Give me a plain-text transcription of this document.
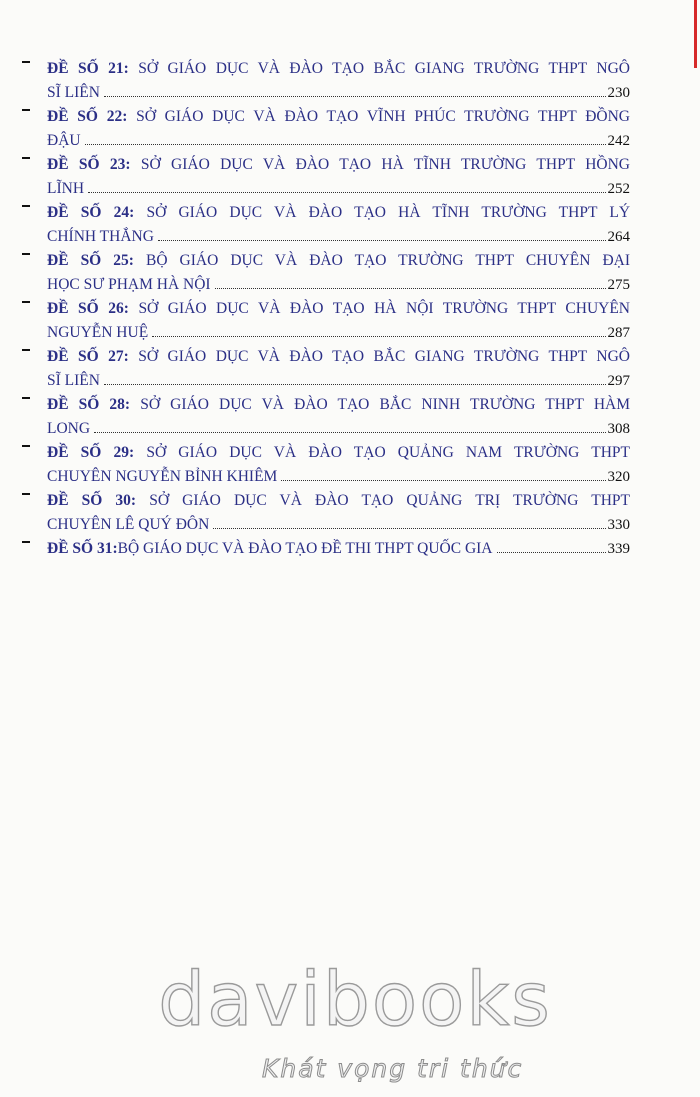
ĐỀ SỐ 21: SỞ GIÁO DỤC VÀ ĐÀO TẠO BẮC GIANG TRƯỜNG THPT NGÔ
SĨ LIÊN	230
ĐỀ SỐ 22: SỞ GIÁO DỤC VÀ ĐÀO TẠO VĨNH PHÚC TRƯỜNG THPT ĐỒNG
ĐẬU	242
ĐỀ SỐ 23: SỞ GIÁO DỤC VÀ ĐÀO TẠO HÀ TĨNH TRƯỜNG THPT HỒNG
LĨNH	252
ĐỀ SỐ 24: SỞ GIÁO DỤC VÀ ĐÀO TẠO HÀ TĨNH TRƯỜNG THPT LÝ
CHÍNH THẮNG	264
ĐỀ SỐ 25: BỘ GIÁO DỤC VÀ ĐÀO TẠO TRƯỜNG THPT CHUYÊN ĐẠI
HỌC SƯ PHẠM HÀ NỘI	275
ĐỀ SỐ 26: SỞ GIÁO DỤC VÀ ĐÀO TẠO HÀ NỘI TRƯỜNG THPT CHUYÊN
NGUYỄN HUỆ	287
ĐỀ SỐ 27: SỞ GIÁO DỤC VÀ ĐÀO TẠO BẮC GIANG TRƯỜNG THPT NGÔ
SĨ LIÊN	297
ĐỀ SỐ 28: SỞ GIÁO DỤC VÀ ĐÀO TẠO BẮC NINH TRƯỜNG THPT HÀM
LONG	308
ĐỀ SỐ 29: SỞ GIÁO DỤC VÀ ĐÀO TẠO QUẢNG NAM TRƯỜNG THPT
CHUYÊN NGUYỄN BỈNH KHIÊM	320
ĐỀ SỐ 30: SỞ GIÁO DỤC VÀ ĐÀO TẠO QUẢNG TRỊ TRƯỜNG THPT
CHUYÊN LÊ QUÝ ĐÔN	330
ĐỀ SỐ 31: BỘ GIÁO DỤC VÀ ĐÀO TẠO ĐỀ THI THPT QUỐC GIA	339
davibooks
Khát vọng tri thức
